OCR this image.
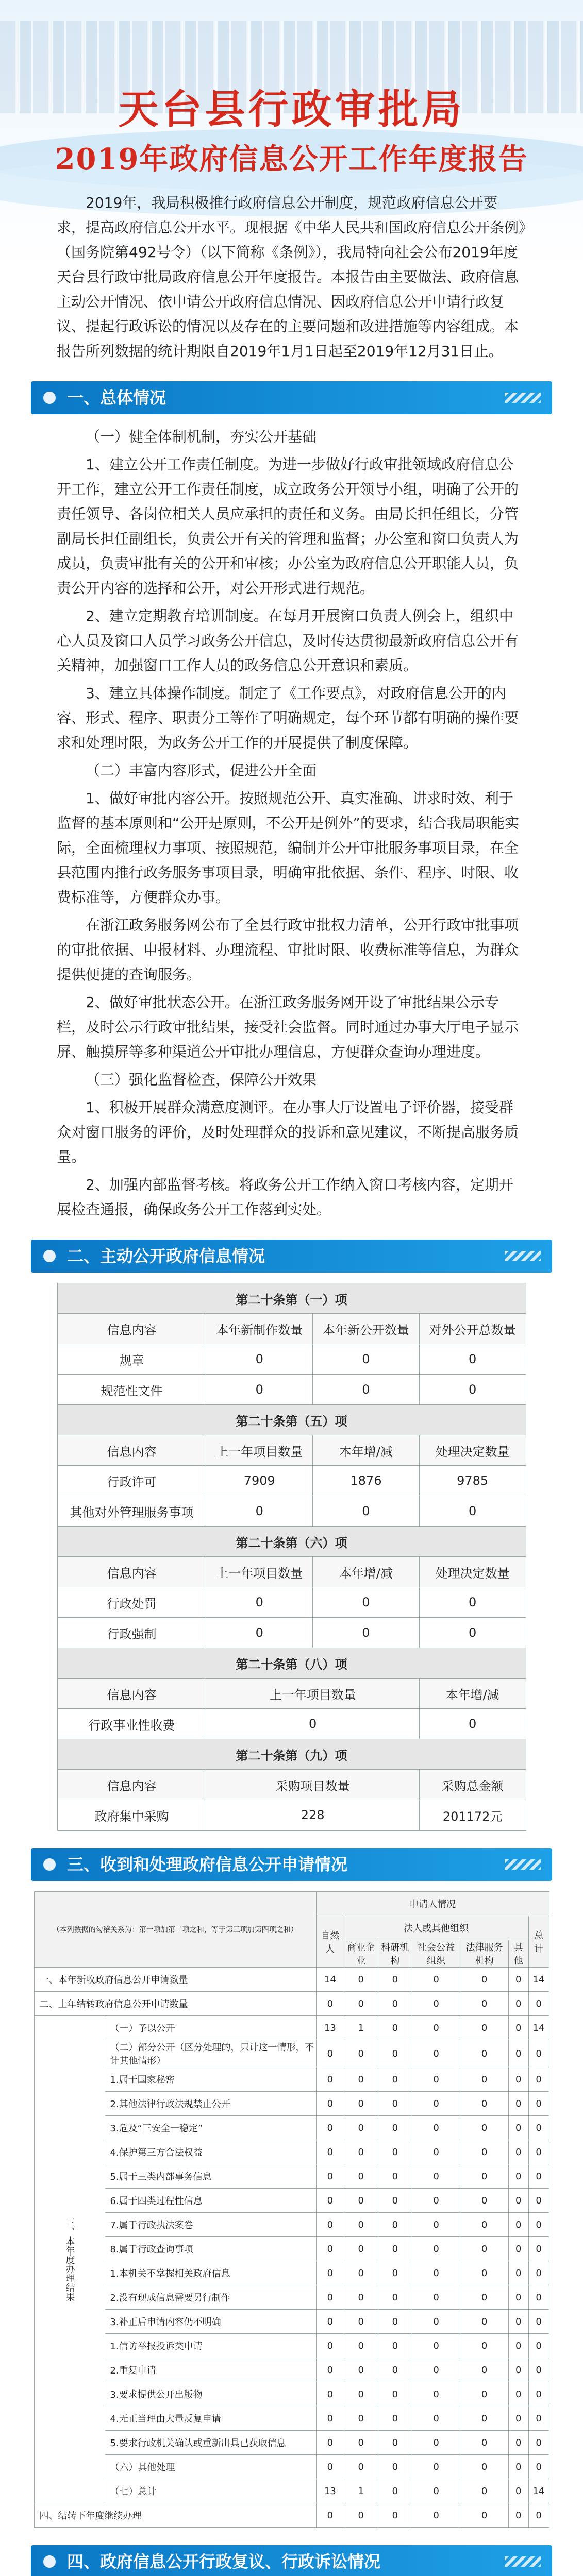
天台县行政审批局
2019年政府信息公开工作年度报告
2019年，我局积极推行政府信息公开制度，规范政府信息公开要求，提高政府信息公开水平。现根据《中华人民共和国政府信息公开条例》（国务院第492号令）（以下简称《条例》），我局特向社会公布2019年度天台县行政审批局政府信息公开年度报告。本报告由主要做法、政府信息主动公开情况、依申请公开政府信息情况、因政府信息公开申请行政复议、提起行政诉讼的情况以及存在的主要问题和改进措施等内容组成。本报告所列数据的统计期限自2019年1月1日起至2019年12月31日止。
一、总体情况

（一）健全体制机制，夯实公开基础

1、建立公开工作责任制度。为进一步做好行政审批领域政府信息公开工作，建立公开工作责任制度，成立政务公开领导小组，明确了公开的责任领导、各岗位相关人员应承担的责任和义务。由局长担任组长，分管副局长担任副组长，负责公开有关的管理和监督；办公室和窗口负责人为成员，负责审批有关的公开和审核；办公室为政府信息公开职能人员，负责公开内容的选择和公开，对公开形式进行规范。

2、建立定期教育培训制度。在每月开展窗口负责人例会上，组织中心人员及窗口人员学习政务公开信息，及时传达贯彻最新政府信息公开有关精神，加强窗口工作人员的政务信息公开意识和素质。

3、建立具体操作制度。制定了《工作要点》，对政府信息公开的内容、形式、程序、职责分工等作了明确规定，每个环节都有明确的操作要求和处理时限，为政务公开工作的开展提供了制度保障。

（二）丰富内容形式，促进公开全面

1、做好审批内容公开。按照规范公开、真实准确、讲求时效、利于监督的基本原则和“公开是原则，不公开是例外”的要求，结合我局职能实际，全面梳理权力事项、按照规范，编制并公开审批服务事项目录，在全县范围内推行政务服务事项目录，明确审批依据、条件、程序、时限、收费标准等，方便群众办事。

在浙江政务服务网公布了全县行政审批权力清单，公开行政审批事项的审批依据、申报材料、办理流程、审批时限、收费标准等信息，为群众提供便捷的查询服务。

2、做好审批状态公开。在浙江政务服务网开设了审批结果公示专栏，及时公示行政审批结果，接受社会监督。同时通过办事大厅电子显示屏、触摸屏等多种渠道公开审批办理信息，方便群众查询办理进度。

（三）强化监督检查，保障公开效果

1、积极开展群众满意度测评。在办事大厅设置电子评价器，接受群众对窗口服务的评价，及时处理群众的投诉和意见建议，不断提高服务质量。

2、加强内部监督考核。将政务公开工作纳入窗口考核内容，定期开展检查通报，确保政务公开工作落到实处。

二、主动公开政府信息情况
第二十条第（一）项			
信息内容	本年新制作数量	本年新公开数量	对外公开总数量
规章	0	0	0
规范性文件	0	0	0
第二十条第（五）项			
信息内容	上一年项目数量	本年增/减	处理决定数量
行政许可	7909	1876	9785
其他对外管理服务事项	0	0	0
第二十条第（六）项			
信息内容	上一年项目数量	本年增/减	处理决定数量
行政处罚	0	0	0
行政强制	0	0	0
第二十条第（八）项			
信息内容	上一年项目数量		本年增/减
行政事业性收费	0		0
第二十条第（九）项			
信息内容	采购项目数量		采购总金额
政府集中采购	228		201172元
三、收到和处理政府信息公开申请情况
（本列数据的勾稽关系为：第一项加第二项之和，等于第三项加第四项之和）		申请人情况						
		自然人	法人或其他组织					总计
			商业企业	科研机构	社会公益组织	法律服务机构	其他	
一、本年新收政府信息公开申请数量		14	0	0	0	0	0	14
二、上年结转政府信息公开申请数量		0	0	0	0	0	0	0
三、本年度办理结果	（一）予以公开	13	1	0	0	0	0	14
	（二）部分公开（区分处理的，只计这一情形，不计其他情形）	0	0	0	0	0	0	0
	1.属于国家秘密	0	0	0	0	0	0	0
	2.其他法律行政法规禁止公开	0	0	0	0	0	0	0
	3.危及“三安全一稳定”	0	0	0	0	0	0	0
	4.保护第三方合法权益	0	0	0	0	0	0	0
	5.属于三类内部事务信息	0	0	0	0	0	0	0
	6.属于四类过程性信息	0	0	0	0	0	0	0
	7.属于行政执法案卷	0	0	0	0	0	0	0
	8.属于行政查询事项	0	0	0	0	0	0	0
	1.本机关不掌握相关政府信息	0	0	0	0	0	0	0
	2.没有现成信息需要另行制作	0	0	0	0	0	0	0
	3.补正后申请内容仍不明确	0	0	0	0	0	0	0
	1.信访举报投诉类申请	0	0	0	0	0	0	0
	2.重复申请	0	0	0	0	0	0	0
	3.要求提供公开出版物	0	0	0	0	0	0	0
	4.无正当理由大量反复申请	0	0	0	0	0	0	0
	5.要求行政机关确认或重新出具已获取信息	0	0	0	0	0	0	0
	（六）其他处理	0	0	0	0	0	0	0
	（七）总计	13	1	0	0	0	0	14
四、结转下年度继续办理		0	0	0	0	0	0	0
四、政府信息公开行政复议、行政诉讼情况
